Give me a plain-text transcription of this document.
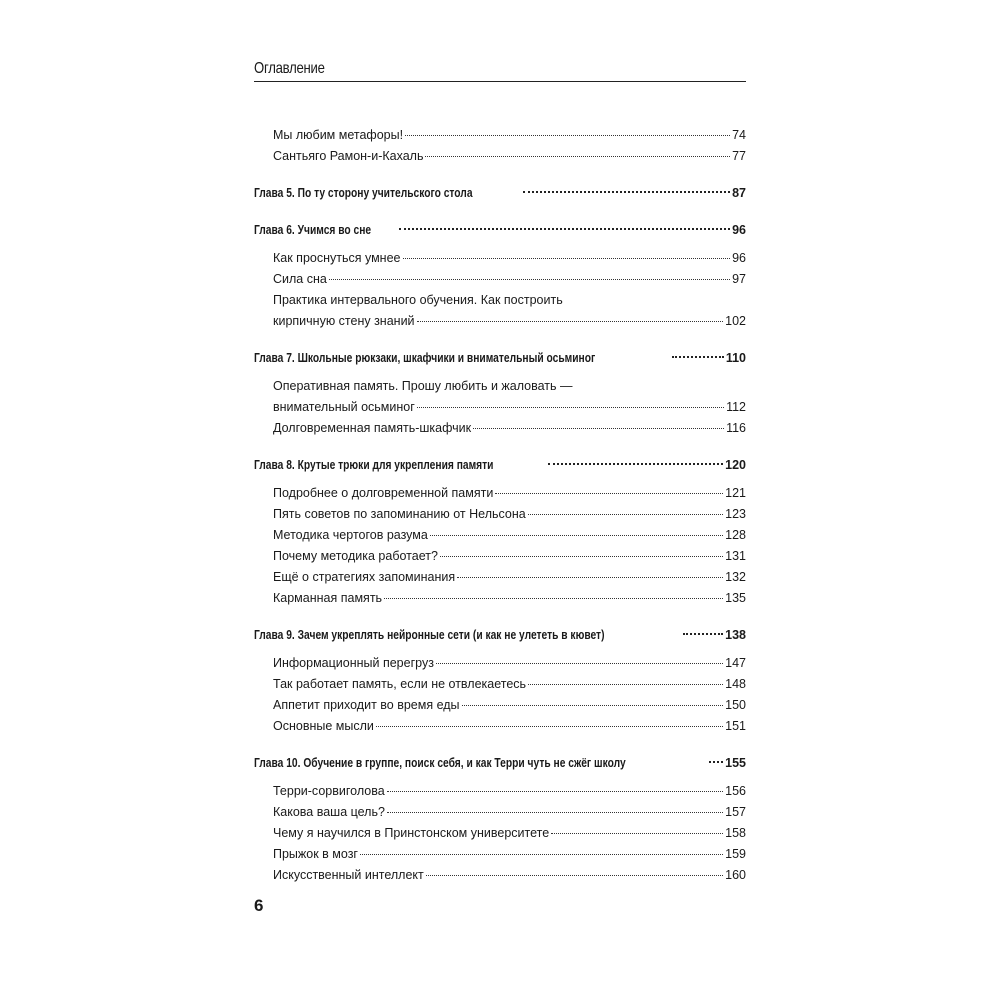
Оглавление
Мы любим метафоры!	74
Сантьяго Рамон-и-Кахаль	77
Глава 5. По ту сторону учительского стола	87
Глава 6. Учимся во сне	96
Как проснуться умнее	96
Сила сна	97
Практика интервального обучения. Как построить
кирпичную стену знаний	102
Глава 7. Школьные рюкзаки, шкафчики и внимательный осьминог	110
Оперативная память. Прошу любить и жаловать —
внимательный осьминог	112
Долговременная память-шкафчик	116
Глава 8. Крутые трюки для укрепления памяти	120
Подробнее о долговременной памяти	121
Пять советов по запоминанию от Нельсона	123
Методика чертогов разума	128
Почему методика работает?	131
Ещё о стратегиях запоминания	132
Карманная память	135
Глава 9. Зачем укреплять нейронные сети (и как не улететь в кювет)	138
Информационный перегруз	147
Так работает память, если не отвлекаетесь	148
Аппетит приходит во время еды	150
Основные мысли	151
Глава 10. Обучение в группе, поиск себя, и как Терри чуть не сжёг школу	155
Терри-сорвиголова	156
Какова ваша цель?	157
Чему я научился в Принстонском университете	158
Прыжок в мозг	159
Искусственный интеллект	160
6
